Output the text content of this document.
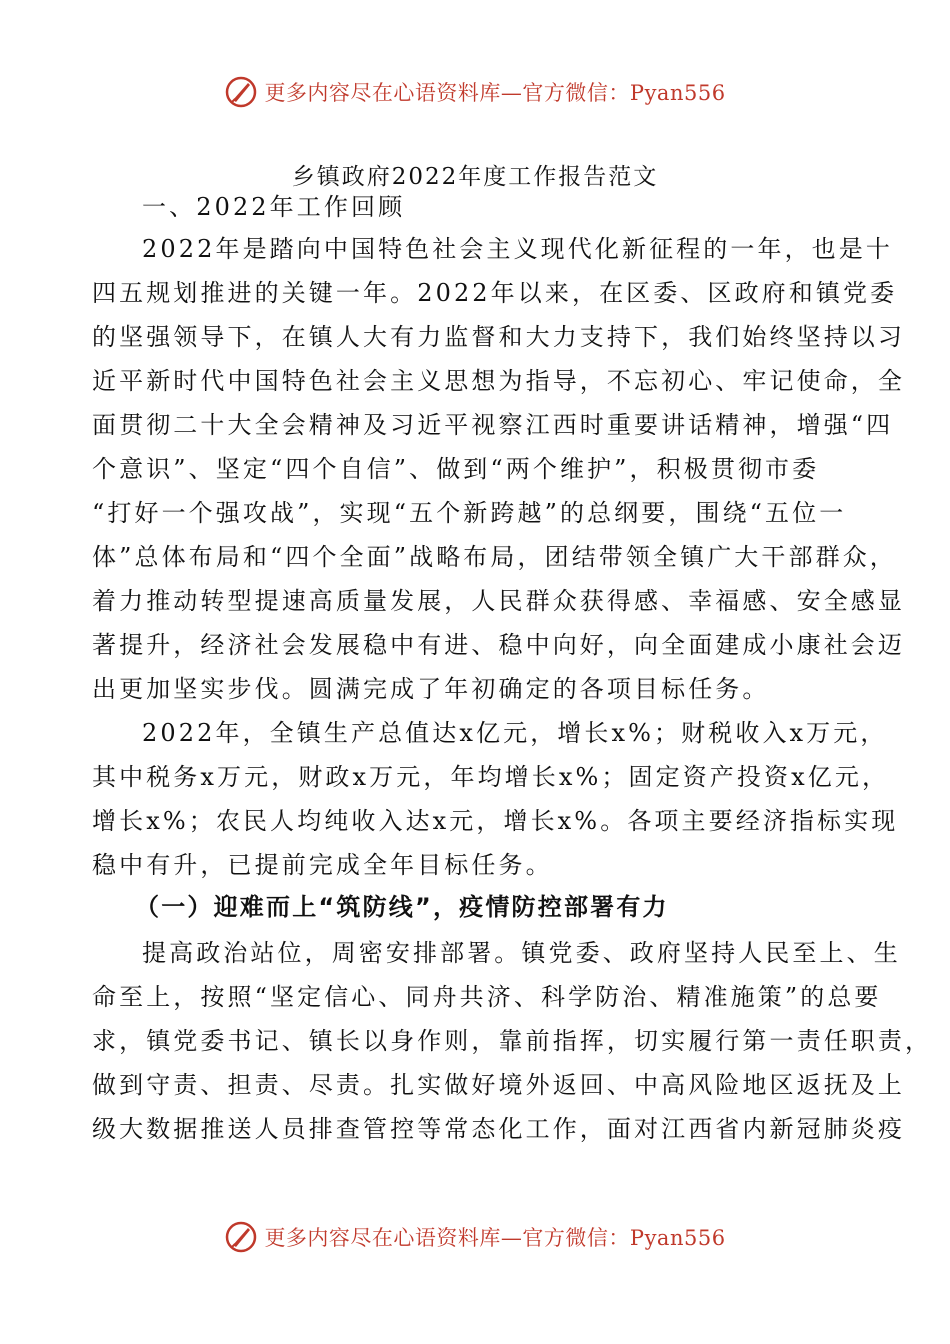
更多内容尽在心语资料库—官方微信：Pyan556
乡镇政府2022年度工作报告范文
一、2022年工作回顾
2022年是踏向中国特色社会主义现代化新征程的一年，也是十
四五规划推进的关键一年。2022年以来，在区委、区政府和镇党委
的坚强领导下，在镇人大有力监督和大力支持下，我们始终坚持以习
近平新时代中国特色社会主义思想为指导，不忘初心、牢记使命，全
面贯彻二十大全会精神及习近平视察江西时重要讲话精神，增强“四
个意识”、坚定“四个自信”、做到“两个维护”，积极贯彻市委
“打好一个强攻战”，实现“五个新跨越”的总纲要，围绕“五位一
体”总体布局和“四个全面”战略布局，团结带领全镇广大干部群众，
着力推动转型提速高质量发展，人民群众获得感、幸福感、安全感显
著提升，经济社会发展稳中有进、稳中向好，向全面建成小康社会迈
出更加坚实步伐。圆满完成了年初确定的各项目标任务。
2022年，全镇生产总值达x亿元，增长x%；财税收入x万元，
其中税务x万元，财政x万元，年均增长x%；固定资产投资x亿元，
增长x%；农民人均纯收入达x元，增长x%。各项主要经济指标实现
稳中有升，已提前完成全年目标任务。
（一）迎难而上“筑防线”，疫情防控部署有力
提高政治站位，周密安排部署。镇党委、政府坚持人民至上、生
命至上，按照“坚定信心、同舟共济、科学防治、精准施策”的总要
求，镇党委书记、镇长以身作则，靠前指挥，切实履行第一责任职责，
做到守责、担责、尽责。扎实做好境外返回、中高风险地区返抚及上
级大数据推送人员排查管控等常态化工作，面对江西省内新冠肺炎疫
更多内容尽在心语资料库—官方微信：Pyan556
